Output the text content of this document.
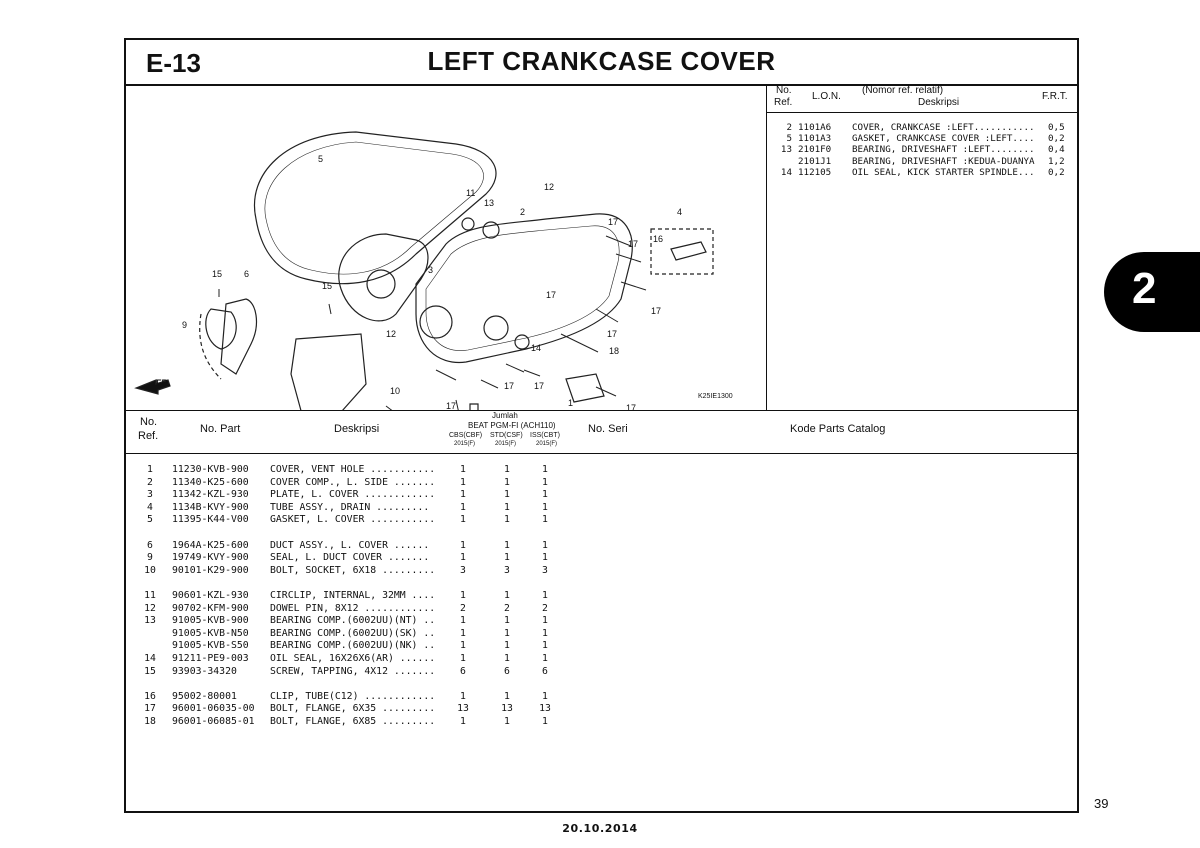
E-13	LEFT CRANKCASE COVER
5
3
15 6
15
9
12
10
12
11
13
2	4
16
17
17
17
17
18
14
17 17
17	1	17
17
FR.
K25IE1300
No.
Ref.
L.O.N.
(Nomor ref. relatif)
Deskripsi
F.R.T.
2 1101A6 COVER, CRANKCASE :LEFT........... 0,5
5 1101A3 GASKET, CRANKCASE COVER :LEFT.... 0,2
13 2101F0 BEARING, DRIVESHAFT :LEFT........ 0,4
2101J1 BEARING, DRIVESHAFT :KEDUA-DUANYA 1,2
14 112105 OIL SEAL, KICK STARTER SPINDLE... 0,2
No.
Ref.
No. Part	Deskripsi
Jumlah
BEAT PGM-FI (ACH110)
CBS(CBF)
2015(F)
STD(CSF)
2015(F)
ISS(CBT)
2015(F)
No. Seri	Kode Parts Catalog
1	11230-KVB-900 COVER, VENT HOLE ...........	1	1	1
2	11340-K25-600 COVER COMP., L. SIDE .......	1	1	1
3	11342-KZL-930 PLATE, L. COVER ............	1	1	1
4	1134B-KVY-900 TUBE ASSY., DRAIN .........	1	1	1
5	11395-K44-V00 GASKET, L. COVER ...........	1	1	1
6	1964A-K25-600 DUCT ASSY., L. COVER ......	1	1	1
9	19749-KVY-900 SEAL, L. DUCT COVER .......	1	1	1
10	90101-K29-900 BOLT, SOCKET, 6X18 .........	3	3	3
11	90601-KZL-930 CIRCLIP, INTERNAL, 32MM ....	1	1	1
12	90702-KFM-900 DOWEL PIN, 8X12 ............	2	2	2
13	91005-KVB-900 BEARING COMP.(6002UU)(NT) ..	1	1	1
91005-KVB-N50 BEARING COMP.(6002UU)(SK) ..	1	1	1
91005-KVB-S50 BEARING COMP.(6002UU)(NK) ..	1	1	1
14	91211-PE9-003 OIL SEAL, 16X26X6(AR) ......	1	1	1
15	93903-34320	SCREW, TAPPING, 4X12 .......	6	6	6
16	95002-80001	CLIP, TUBE(C12) ............	1	1	1
17	96001-06035-00 BOLT, FLANGE, 6X35 .........	13	13	13
18	96001-06085-01 BOLT, FLANGE, 6X85 .........	1	1	1
2
39
20.10.2014
